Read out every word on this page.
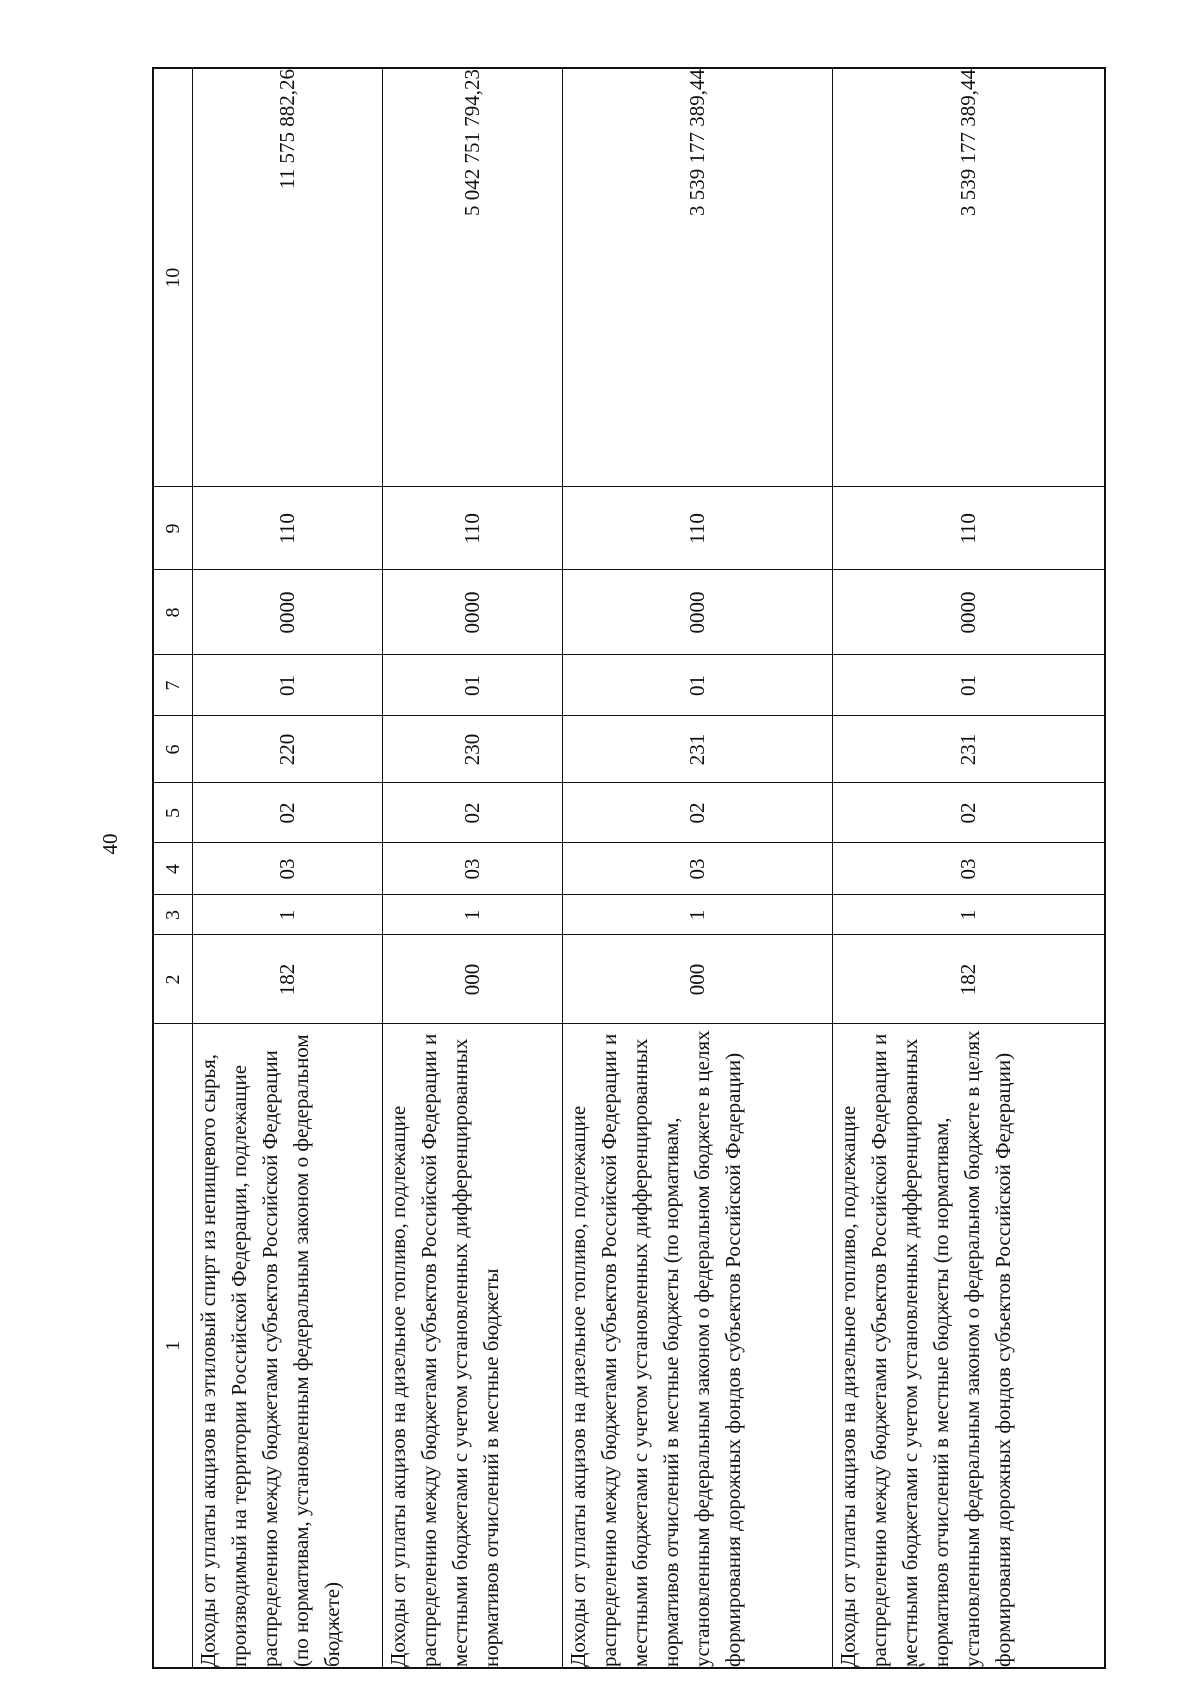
40
1	2	3	4	5	6	7	8	9	10
Доходы от уплаты акцизов на этиловый спирт из непищевого сырья, производимый на территории Российской Федерации, подлежащие распределению между бюджетами субъектов Российской Федерации (по нормативам, установленным федеральным законом о федеральном бюджете)	182	1	03	02	220	01	0000	110	11 575 882,26
Доходы от уплаты акцизов на дизельное топливо, подлежащие распределению между бюджетами субъектов Российской Федерации и местными бюджетами с учетом установленных дифференцированных нормативов отчислений в местные бюджеты	000	1	03	02	230	01	0000	110	5 042 751 794,23
Доходы от уплаты акцизов на дизельное топливо, подлежащие распределению между бюджетами субъектов Российской Федерации и местными бюджетами с учетом установленных дифференцированных нормативов отчислений в местные бюджеты (по нормативам, установленным федеральным законом о федеральном бюджете в целях формирования дорожных фондов субъектов Российской Федерации)	000	1	03	02	231	01	0000	110	3 539 177 389,44
Доходы от уплаты акцизов на дизельное топливо, подлежащие распределению между бюджетами субъектов Российской Федерации и местными бюджетами с учетом установленных дифференцированных нормативов отчислений в местные бюджеты (по нормативам, установленным федеральным законом о федеральном бюджете в целях формирования дорожных фондов субъектов Российской Федерации)	182	1	03	02	231	01	0000	110	3 539 177 389,44
